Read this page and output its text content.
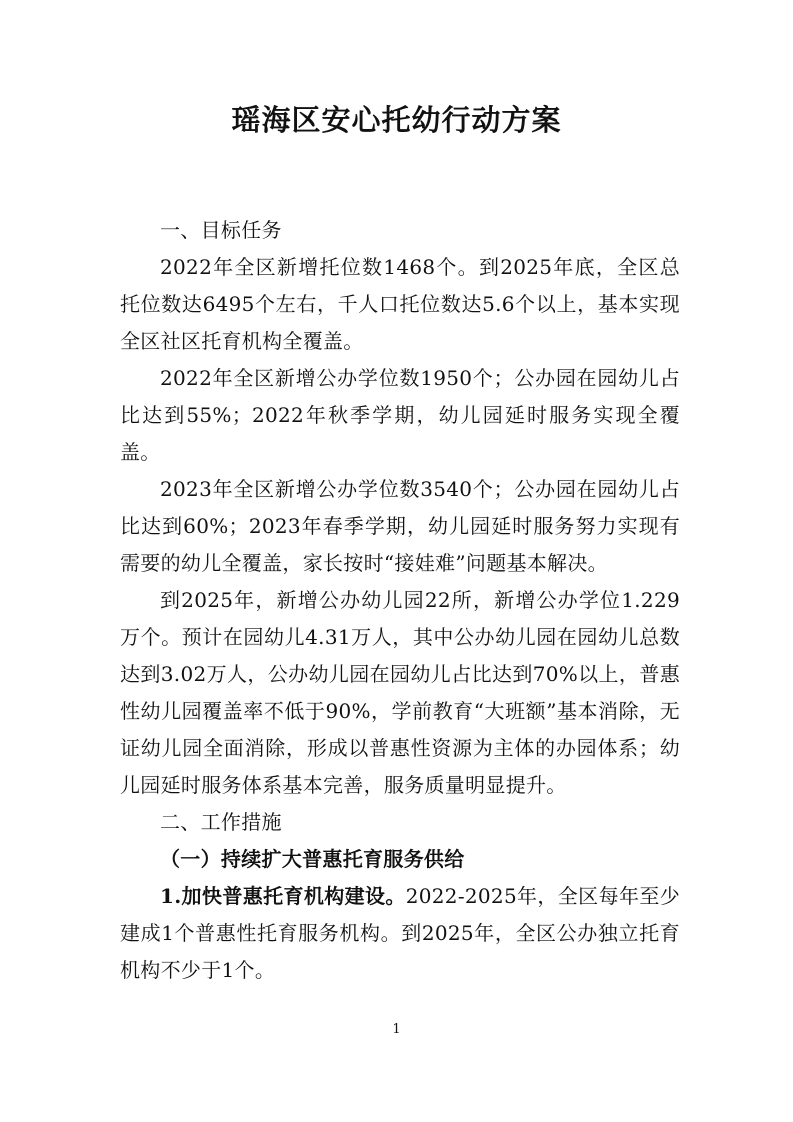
瑶海区安心托幼行动方案

一、目标任务

2022年全区新增托位数1468个。到2025年底，全区总托位数达6495个左右，千人口托位数达5.6个以上，基本实现全区社区托育机构全覆盖。

2022年全区新增公办学位数1950个；公办园在园幼儿占比达到55%；2022年秋季学期，幼儿园延时服务实现全覆盖。

2023年全区新增公办学位数3540个；公办园在园幼儿占比达到60%；2023年春季学期，幼儿园延时服务努力实现有需要的幼儿全覆盖，家长按时“接娃难”问题基本解决。

到2025年，新增公办幼儿园22所，新增公办学位1.229万个。预计在园幼儿4.31万人，其中公办幼儿园在园幼儿总数达到3.02万人，公办幼儿园在园幼儿占比达到70%以上，普惠性幼儿园覆盖率不低于90%，学前教育“大班额”基本消除，无证幼儿园全面消除，形成以普惠性资源为主体的办园体系；幼儿园延时服务体系基本完善，服务质量明显提升。

二、工作措施

（一）持续扩大普惠托育服务供给

1.加快普惠托育机构建设。2022-2025年，全区每年至少建成1个普惠性托育服务机构。到2025年，全区公办独立托育机构不少于1个。

1
